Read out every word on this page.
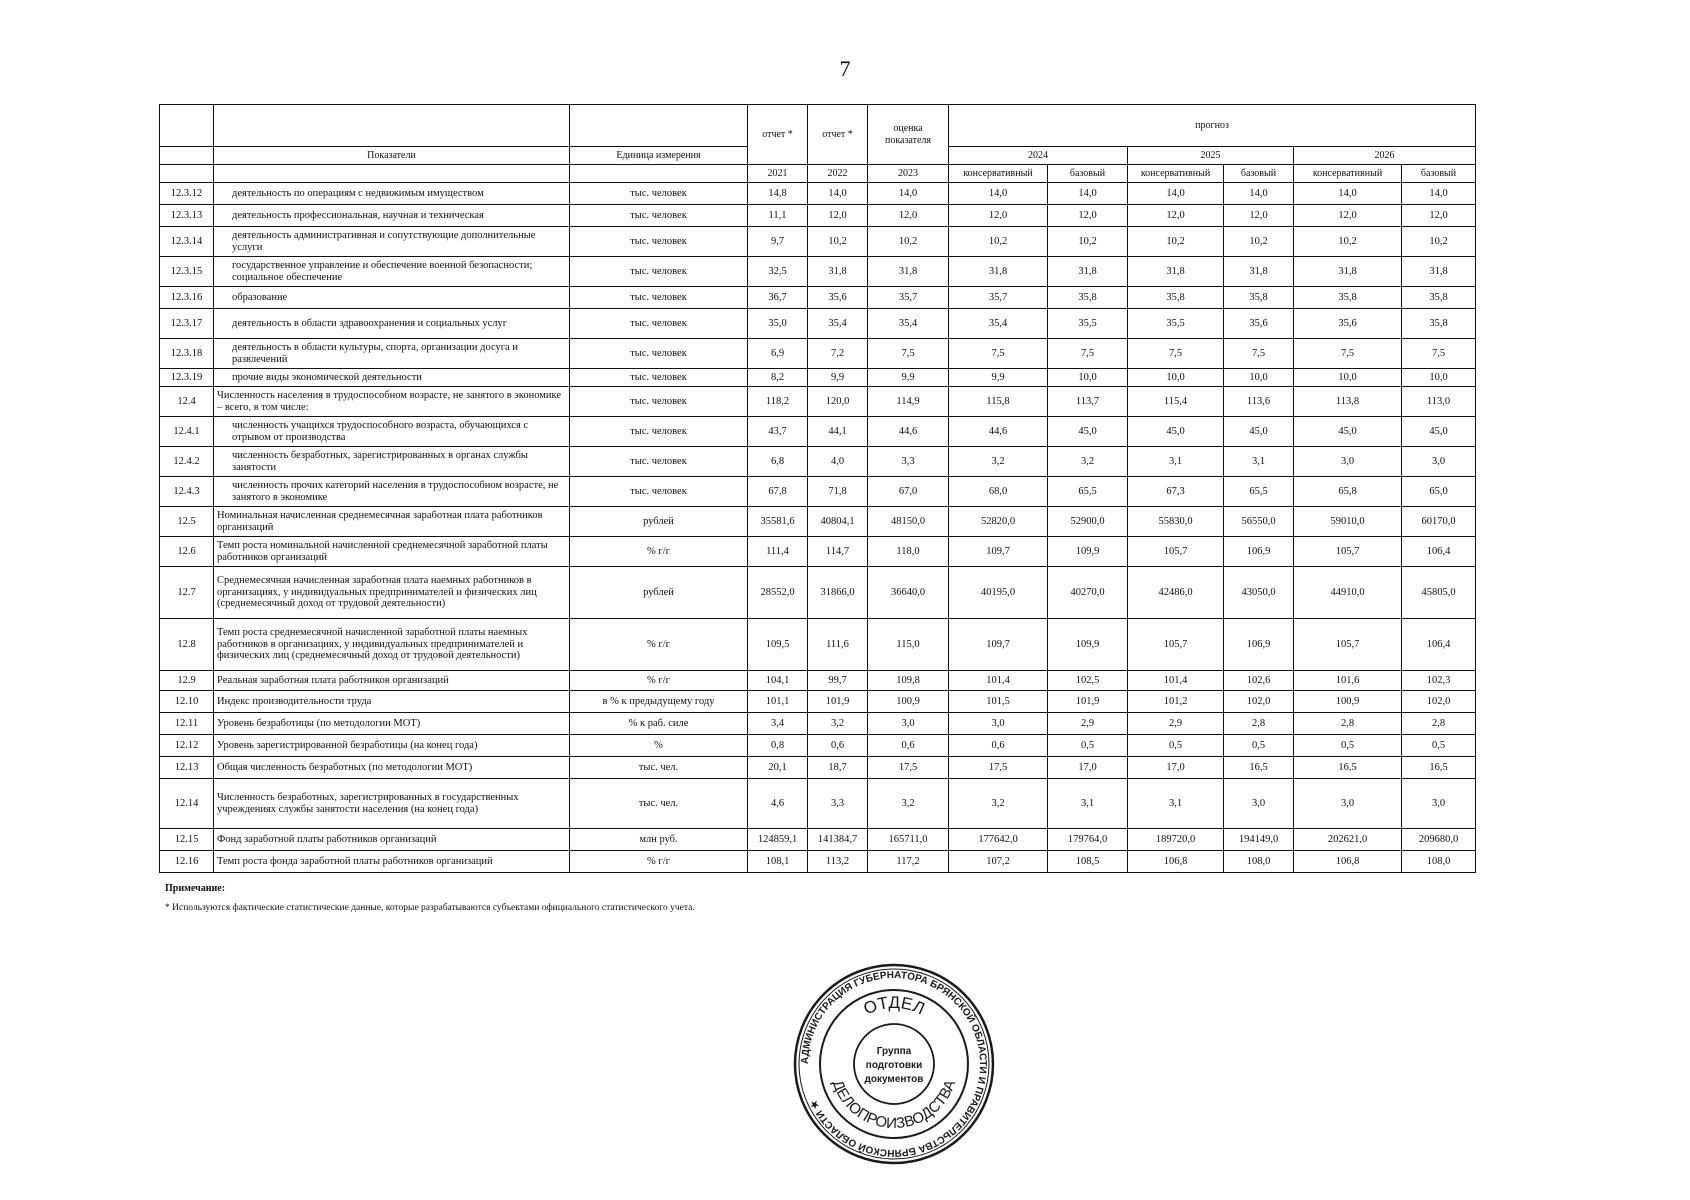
7
			отчет *	отчет *	оценка показателя	прогноз					
	Показатели	Единица измерения				2024		2025		2026	
			2021	2022	2023	консервативный	базовый	консервативный	базовый	консервативный	базовый
12.3.12	деятельность по операциям с недвижимым имуществом	тыс. человек	14,8	14,0	14,0	14,0	14,0	14,0	14,0	14,0	14,0
12.3.13	деятельность профессиональная, научная и техническая	тыс. человек	11,1	12,0	12,0	12,0	12,0	12,0	12,0	12,0	12,0
12.3.14	деятельность административная и сопутствующие дополнительные услуги	тыс. человек	9,7	10,2	10,2	10,2	10,2	10,2	10,2	10,2	10,2
12.3.15	государственное управление и обеспечение военной безопасности; социальное обеспечение	тыс. человек	32,5	31,8	31,8	31,8	31,8	31,8	31,8	31,8	31,8
12.3.16	образование	тыс. человек	36,7	35,6	35,7	35,7	35,8	35,8	35,8	35,8	35,8
12.3.17	деятельность в области здравоохранения и социальных услуг	тыс. человек	35,0	35,4	35,4	35,4	35,5	35,5	35,6	35,6	35,8
12.3.18	деятельность в области культуры, спорта, организации досуга и развлечений	тыс. человек	6,9	7,2	7,5	7,5	7,5	7,5	7,5	7,5	7,5
12.3.19	прочие виды экономической деятельности	тыс. человек	8,2	9,9	9,9	9,9	10,0	10,0	10,0	10,0	10,0
12.4	Численность населения в трудоспособном возрасте, не занятого в экономике – всего, в том числе:	тыс. человек	118,2	120,0	114,9	115,8	113,7	115,4	113,6	113,8	113,0
12.4.1	численность учащихся трудоспособного возраста, обучающихся с отрывом от производства	тыс. человек	43,7	44,1	44,6	44,6	45,0	45,0	45,0	45,0	45,0
12.4.2	численность безработных, зарегистрированных в органах службы занятости	тыс. человек	6,8	4,0	3,3	3,2	3,2	3,1	3,1	3,0	3,0
12.4.3	численность прочих категорий населения в трудоспособном возрасте, не занятого в экономике	тыс. человек	67,8	71,8	67,0	68,0	65,5	67,3	65,5	65,8	65,0
12.5	Номинальная начисленная среднемесячная заработная плата работников организаций	рублей	35581,6	40804,1	48150,0	52820,0	52900,0	55830,0	56550,0	59010,0	60170,0
12.6	Темп роста номинальной начисленной среднемесячной заработной платы работников организаций	% г/г	111,4	114,7	118,0	109,7	109,9	105,7	106,9	105,7	106,4
12.7	Среднемесячная начисленная заработная плата наемных работников в организациях, у индивидуальных предпринимателей и физических лиц (среднемесячный доход от трудовой деятельности)	рублей	28552,0	31866,0	36640,0	40195,0	40270,0	42486,0	43050,0	44910,0	45805,0
12.8	Темп роста среднемесячной начисленной заработной платы наемных работников в организациях, у индивидуальных предпринимателей и физических лиц (среднемесячный доход от трудовой деятельности)	% г/г	109,5	111,6	115,0	109,7	109,9	105,7	106,9	105,7	106,4
12.9	Реальная заработная плата работников организаций	% г/г	104,1	99,7	109,8	101,4	102,5	101,4	102,6	101,6	102,3
12.10	Индекс производительности труда	в % к предыдущему году	101,1	101,9	100,9	101,5	101,9	101,2	102,0	100,9	102,0
12.11	Уровень безработицы (по методологии МОТ)	% к раб. силе	3,4	3,2	3,0	3,0	2,9	2,9	2,8	2,8	2,8
12.12	Уровень зарегистрированной безработицы (на конец года)	%	0,8	0,6	0,6	0,6	0,5	0,5	0,5	0,5	0,5
12.13	Общая численность безработных (по методологии МОТ)	тыс. чел.	20,1	18,7	17,5	17,5	17,0	17,0	16,5	16,5	16,5
12.14	Численность безработных, зарегистрированных в государственных учреждениях службы занятости населения (на конец года)	тыс. чел.	4,6	3,3	3,2	3,2	3,1	3,1	3,0	3,0	3,0
12.15	Фонд заработной платы работников организаций	млн руб.	124859,1	141384,7	165711,0	177642,0	179764,0	189720,0	194149,0	202621,0	209680,0
12.16	Темп роста фонда заработной платы работников организаций	% г/г	108,1	113,2	117,2	107,2	108,5	106,8	108,0	106,8	108,0
Примечание:
* Используются фактические статистические данные, которые разрабатываются субъектами официального статистического учета.
АДМИНИСТРАЦИЯ ГУБЕРНАТОРА БРЯНСКОЙ ОБЛАСТИ И ПРАВИТЕЛЬСТВА БРЯНСКОЙ ОБЛАСТИ ★
ОТДЕЛ
ДЕЛОПРОИЗВОДСТВА
Группа
подготовки
документов
